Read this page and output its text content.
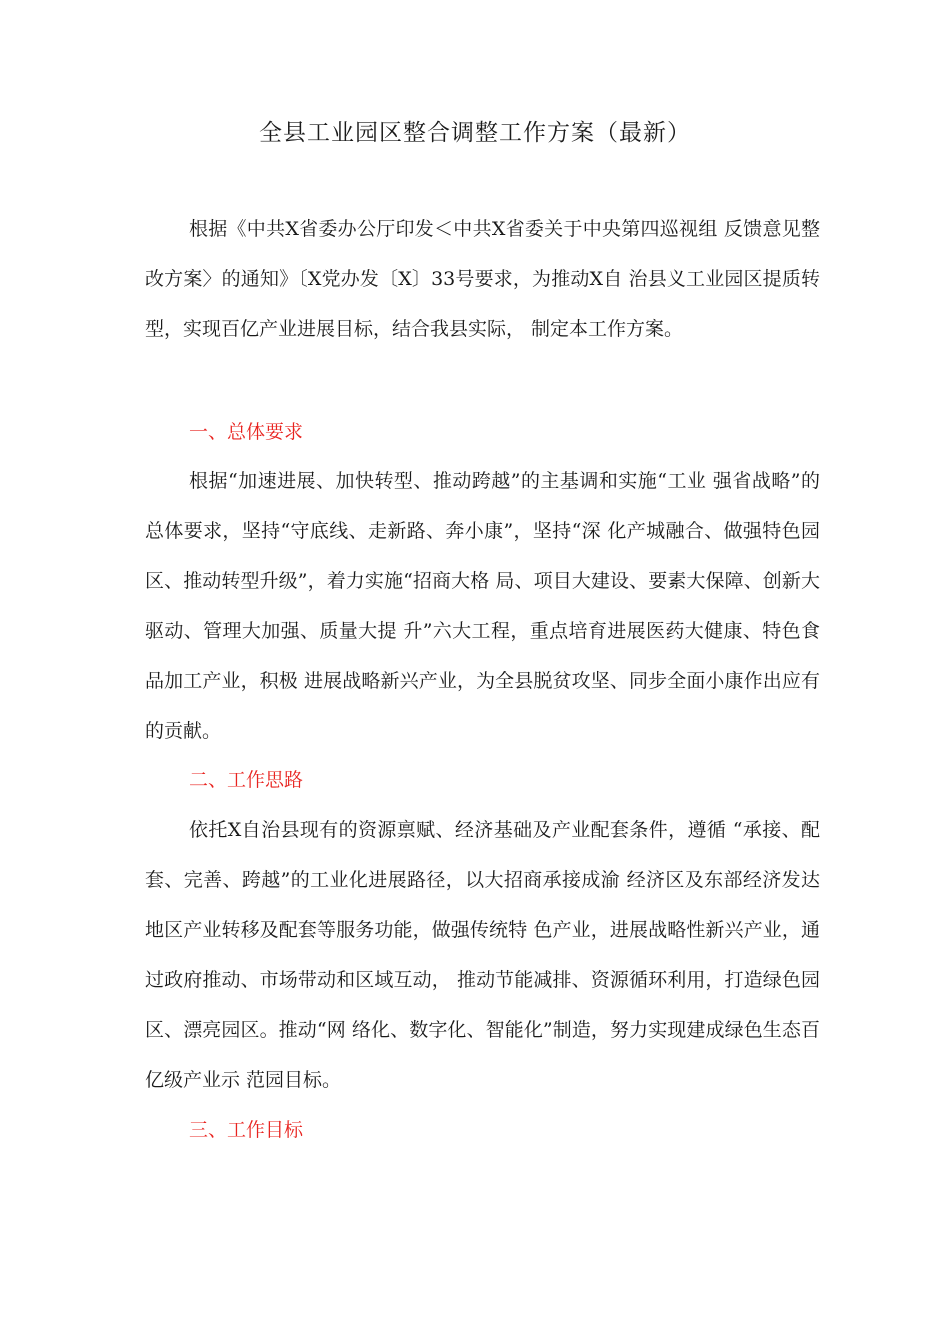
全县工业园区整合调整工作方案（最新）
根据《中共X省委办公厅印发＜中共X省委关于中央第四巡视组 反馈意见整改方案〉的通知》〔X党办发〔X〕33号要求，为推动X自 治县义工业园区提质转型，实现百亿产业进展目标，结合我县实际， 制定本工作方案。
一、总体要求
根据“加速进展、加快转型、推动跨越”的主基调和实施“工业 强省战略”的总体要求，坚持“守底线、走新路、奔小康”，坚持“深 化产城融合、做强特色园区、推动转型升级”，着力实施“招商大格 局、项目大建设、要素大保障、创新大驱动、管理大加强、质量大提 升”六大工程，重点培育进展医药大健康、特色食品加工产业，积极 进展战略新兴产业，为全县脱贫攻坚、同步全面小康作出应有的贡献。
二、工作思路
依托X自治县现有的资源禀赋、经济基础及产业配套条件，遵循 “承接、配套、完善、跨越”的工业化进展路径，以大招商承接成渝 经济区及东部经济发达地区产业转移及配套等服务功能，做强传统特 色产业，进展战略性新兴产业，通过政府推动、市场带动和区域互动， 推动节能减排、资源循环利用，打造绿色园区、漂亮园区。推动“网 络化、数字化、智能化”制造，努力实现建成绿色生态百亿级产业示 范园目标。
三、工作目标
